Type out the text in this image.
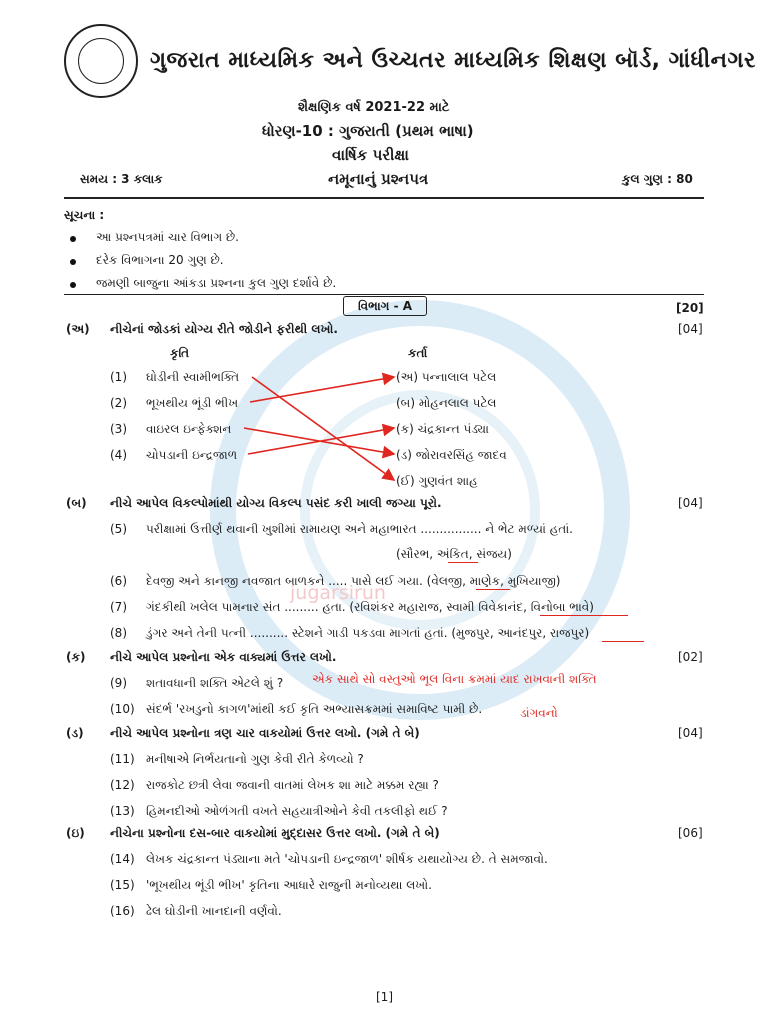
jugarsirun
ગુજરાત માધ્યમિક અને ઉચ્ચતર માધ્યમિક શિક્ષણ બૉર્ડ, ગાંધીનગર
શૈક્ષણિક વર્ષ 2021-22 માટે
ધોરણ-10 : ગુજરાતી (પ્રથમ ભાષા)
વાર્ષિક પરીક્ષા
સમય : 3 કલાક	નમૂનાનું પ્રશ્નપત્ર	કુલ ગુણ : 80
સૂચના :
આ પ્રશ્નપત્રમાં ચાર વિભાગ છે.
દરેક વિભાગના 20 ગુણ છે.
જમણી બાજુના આંકડા પ્રશ્નના કુલ ગુણ દર્શાવે છે.
વિભાગ - A	[20]
(અ) નીચેનાં જોડકાં યોગ્ય રીતે જોડીને ફરીથી લખો.	[04]
કૃતિ	કર્તા
(1) ઘોડીની સ્વામીભક્તિ
(2) ભૂખથીય ભૂંડી ભીખ
(3) વાઇરલ ઇન્ફેક્શન
(4) ચોપડાની ઇન્દ્રજાળ
(અ) પન્નાલાલ પટેલ
(બ) મોહનલાલ પટેલ
(ક) ચંદ્રકાન્ત પંડ્યા
(ડ) જોરાવરસિંહ જાદવ
(ઈ) ગુણવંત શાહ
(બ) નીચે આપેલ વિકલ્પોમાંથી યોગ્ય વિકલ્પ પસંદ કરી ખાલી જગ્યા પૂરો.	[04]
(5) પરીક્ષામાં ઉત્તીર્ણ થવાની ખુશીમાં રામાયણ અને મહાભારત ................ ને ભેટ મળ્યાં હતાં.
(સૌરભ, અંકિત, સંજય)
(6) દેવજી અને કાનજી નવજાત બાળકને ..... પાસે લઈ ગયા. (વેલજી, માણેક, મુખિયાજી)
(7) ગંદકીથી ખલેલ પામનાર સંત ......... હતા. (રવિશંકર મહારાજ, સ્વામી વિવેકાનંદ, વિનોબા ભાવે)
(8) ડુંગર અને તેની પત્ની .......... સ્ટેશને ગાડી પકડવા માગતાં હતાં. (મુજપુર, આનંદપુર, રાજપુર)
(ક) નીચે આપેલ પ્રશ્નોના એક વાક્યમાં ઉત્તર લખો.	[02]
(9) શતાવધાની શક્તિ એટલે શું ? એક સાથે સો વસ્તુઓ ભૂલ વિના ક્રમમાં યાદ રાખવાની શક્તિ
(10) સંદર્ભ 'રખડુનો કાગળ'માંથી કઈ કૃતિ અભ્યાસક્રમમાં સમાવિષ્ટ પામી છે.	ડાંગવનો
(ડ) નીચે આપેલ પ્રશ્નોના ત્રણ ચાર વાકયોમાં ઉત્તર લખો. (ગમે તે બે)	[04]
(11) મનીષાએ નિર્ભયતાનો ગુણ કેવી રીતે કેળવ્યો ?
(12) રાજકોટ છત્રી લેવા જવાની વાતમાં લેખક શા માટે મક્કમ રહ્યા ?
(13) હિમનદીઓ ઓળંગતી વખતે સહયાત્રીઓને કેવી તકલીફો થઈ ?
(ઇ) નીચેના પ્રશ્નોના દસ-બાર વાકયોમાં મુદ્દાસર ઉત્તર લખો. (ગમે તે બે)	[06]
(14) લેખક ચંદ્રકાન્ત પંડ્યાના મતે 'ચોપડાની ઇન્દ્રજાળ' શીર્ષક યથાયોગ્ય છે. તે સમજાવો.
(15) 'ભૂખથીય ભૂંડી ભીખ' કૃતિના આધારે રાજુની મનોવ્યથા લખો.
(16) ઢેલ ઘોડીની ખાનદાની વર્ણવો.
[1]
